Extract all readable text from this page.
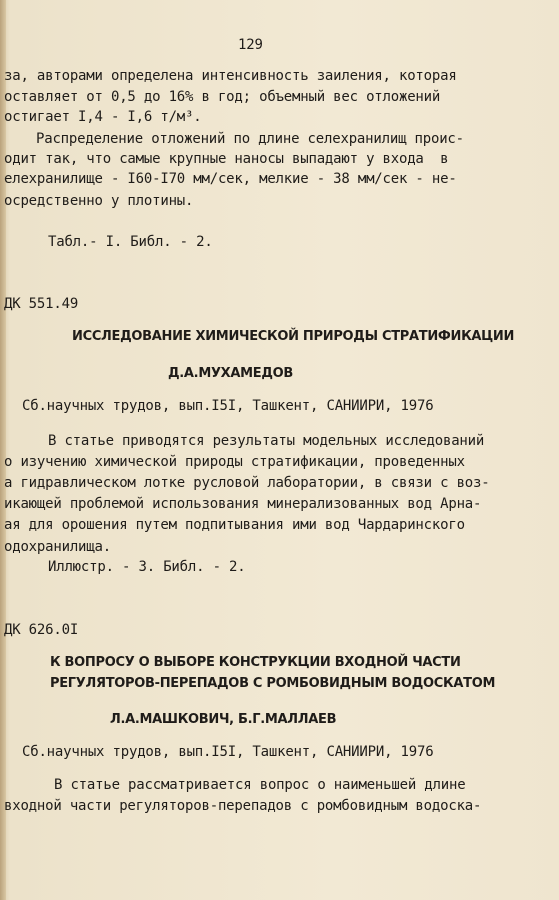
129
за, авторами определена интенсивность заиления, которая
оставляет от 0,5 до 16% в год; объемный вес отложений
остигает I,4 - I,6 т/м³.
Распределение отложений по длине селехранилищ проис-
одит так, что самые крупные наносы выпадают у входа  в
елехранилище - I60-I70 мм/сек, мелкие - 38 мм/сек - не-
осредственно у плотины.
Табл.- I. Библ. - 2.
ДК 551.49
ИССЛЕДОВАНИЕ ХИМИЧЕСКОЙ ПРИРОДЫ СТРАТИФИКАЦИИ
Д.А.МУХАМЕДОВ
Сб.научных трудов, вып.I5I, Ташкент, САНИИРИ, 1976
В статье приводятся результаты модельных исследований
о изучению химической природы стратификации, проведенных
а гидравлическом лотке русловой лаборатории, в связи с воз-
икающей проблемой использования минерализованных вод Арна-
ая для орошения путем подпитывания ими вод Чардаринского
одохранилища.
Иллюстр. - 3. Библ. - 2.
ДК 626.0I
К ВОПРОСУ О ВЫБОРЕ КОНСТРУКЦИИ ВХОДНОЙ ЧАСТИ
РЕГУЛЯТОРОВ-ПЕРЕПАДОВ С РОМБОВИДНЫМ ВОДОСКАТОМ
Л.А.МАШКОВИЧ, Б.Г.МАЛЛАЕВ
Сб.научных трудов, вып.I5I, Ташкент, САНИИРИ, 1976
В статье рассматривается вопрос о наименьшей длине
входной части регуляторов-перепадов с ромбовидным водоска-
